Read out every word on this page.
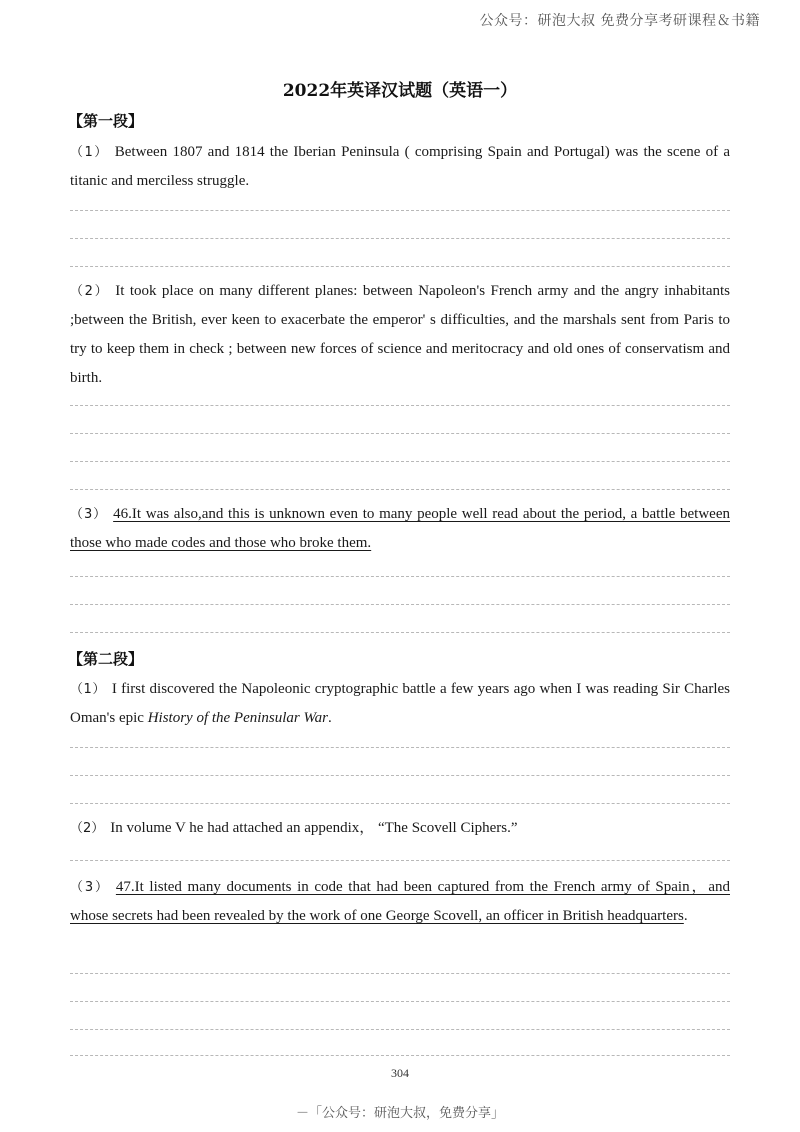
公众号：研泡大叔 免费分享考研课程＆书籍
2022年英译汉试题（英语一）
【第一段】
（1） Between 1807 and 1814 the Iberian Peninsula ( comprising Spain and Portugal) was the scene of a titanic and merciless struggle.
（2） It took place on many different planes: between Napoleon's French army and the angry inhabitants ;between the British, ever keen to exacerbate the emperor' s difficulties, and the marshals sent from Paris to try to keep them in check ; between new forces of science and meritocracy and old ones of conservatism and birth.
（3） 46.It was also,and this is unknown even to many people well read about the period, a battle between those who made codes and those who broke them.
【第二段】
（1） I first discovered the Napoleonic cryptographic battle a few years ago when I was reading Sir Charles Oman's epic History of the Peninsular War.
（2） In volume V he had attached an appendix， “The Scovell Ciphers.”
（3） 47.It listed many documents in code that had been captured from the French army of Spain，and whose secrets had been revealed by the work of one George Scovell, an officer in British headquarters.
304
－「公众号：研泡大叔，免费分享」
